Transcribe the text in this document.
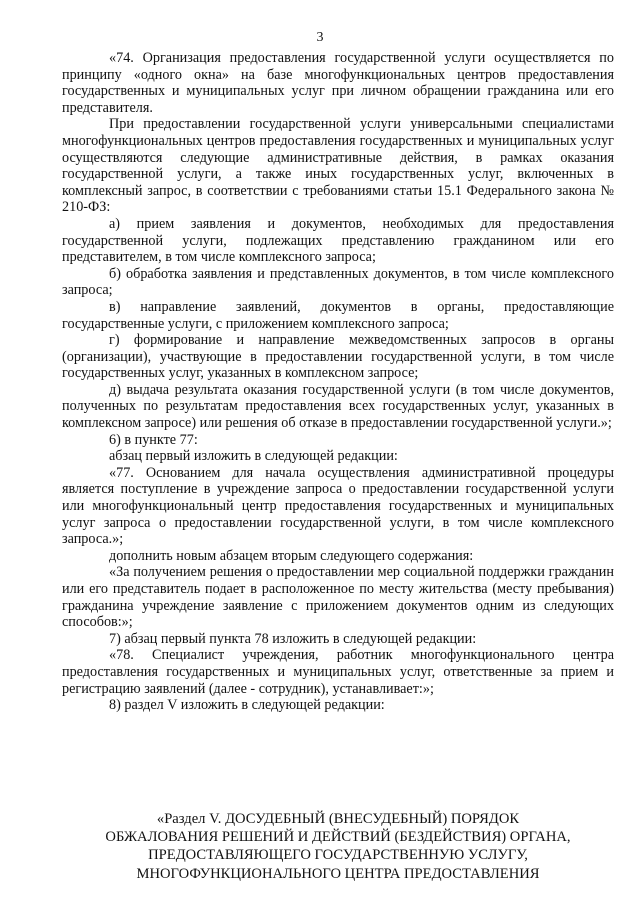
3

«74. Организация предоставления государственной услуги осуществляется по принципу «одного окна» на базе многофункциональных центров предоставления государственных и муниципальных услуг при личном обращении гражданина или его представителя.

При предоставлении государственной услуги универсальными специалистами многофункциональных центров предоставления государственных и муниципальных услуг осуществляются следующие административные действия, в рамках оказания государственной услуги, а также иных государственных услуг, включенных в комплексный запрос, в соответствии с требованиями статьи 15.1 Федерального закона № 210-ФЗ:

а) прием заявления и документов, необходимых для предоставления государственной услуги, подлежащих представлению гражданином или его представителем, в том числе комплексного запроса;

б) обработка заявления и представленных документов, в том числе комплексного запроса;

в) направление заявлений, документов в органы, предоставляющие государственные услуги, с приложением комплексного запроса;

г) формирование и направление межведомственных запросов в органы (организации), участвующие в предоставлении государственной услуги, в том числе государственных услуг, указанных в комплексном запросе;

д) выдача результата оказания государственной услуги (в том числе документов, полученных по результатам предоставления всех государственных услуг, указанных в комплексном запросе) или решения об отказе в предоставлении государственной услуги.»;

6) в пункте 77:

абзац первый изложить в следующей редакции:

«77. Основанием для начала осуществления административной процедуры является поступление в учреждение запроса о предоставлении государственной услуги или многофункциональный центр предоставления государственных и муниципальных услуг запроса о предоставлении государственной услуги, в том числе комплексного запроса.»;

дополнить новым абзацем вторым следующего содержания:

«За получением решения о предоставлении мер социальной поддержки гражданин или его представитель подает в расположенное по месту жительства (месту пребывания) гражданина учреждение заявление с приложением документов одним из следующих способов:»;

7) абзац первый пункта 78 изложить в следующей редакции:

«78. Специалист учреждения, работник многофункционального центра предоставления государственных и муниципальных услуг, ответственные за прием и регистрацию заявлений (далее - сотрудник), устанавливает:»;

8) раздел V изложить в следующей редакции:

«Раздел V. ДОСУДЕБНЫЙ (ВНЕСУДЕБНЫЙ) ПОРЯДОК
ОБЖАЛОВАНИЯ РЕШЕНИЙ И ДЕЙСТВИЙ (БЕЗДЕЙСТВИЯ) ОРГАНА,
ПРЕДОСТАВЛЯЮЩЕГО ГОСУДАРСТВЕННУЮ УСЛУГУ,
МНОГОФУНКЦИОНАЛЬНОГО ЦЕНТРА ПРЕДОСТАВЛЕНИЯ
